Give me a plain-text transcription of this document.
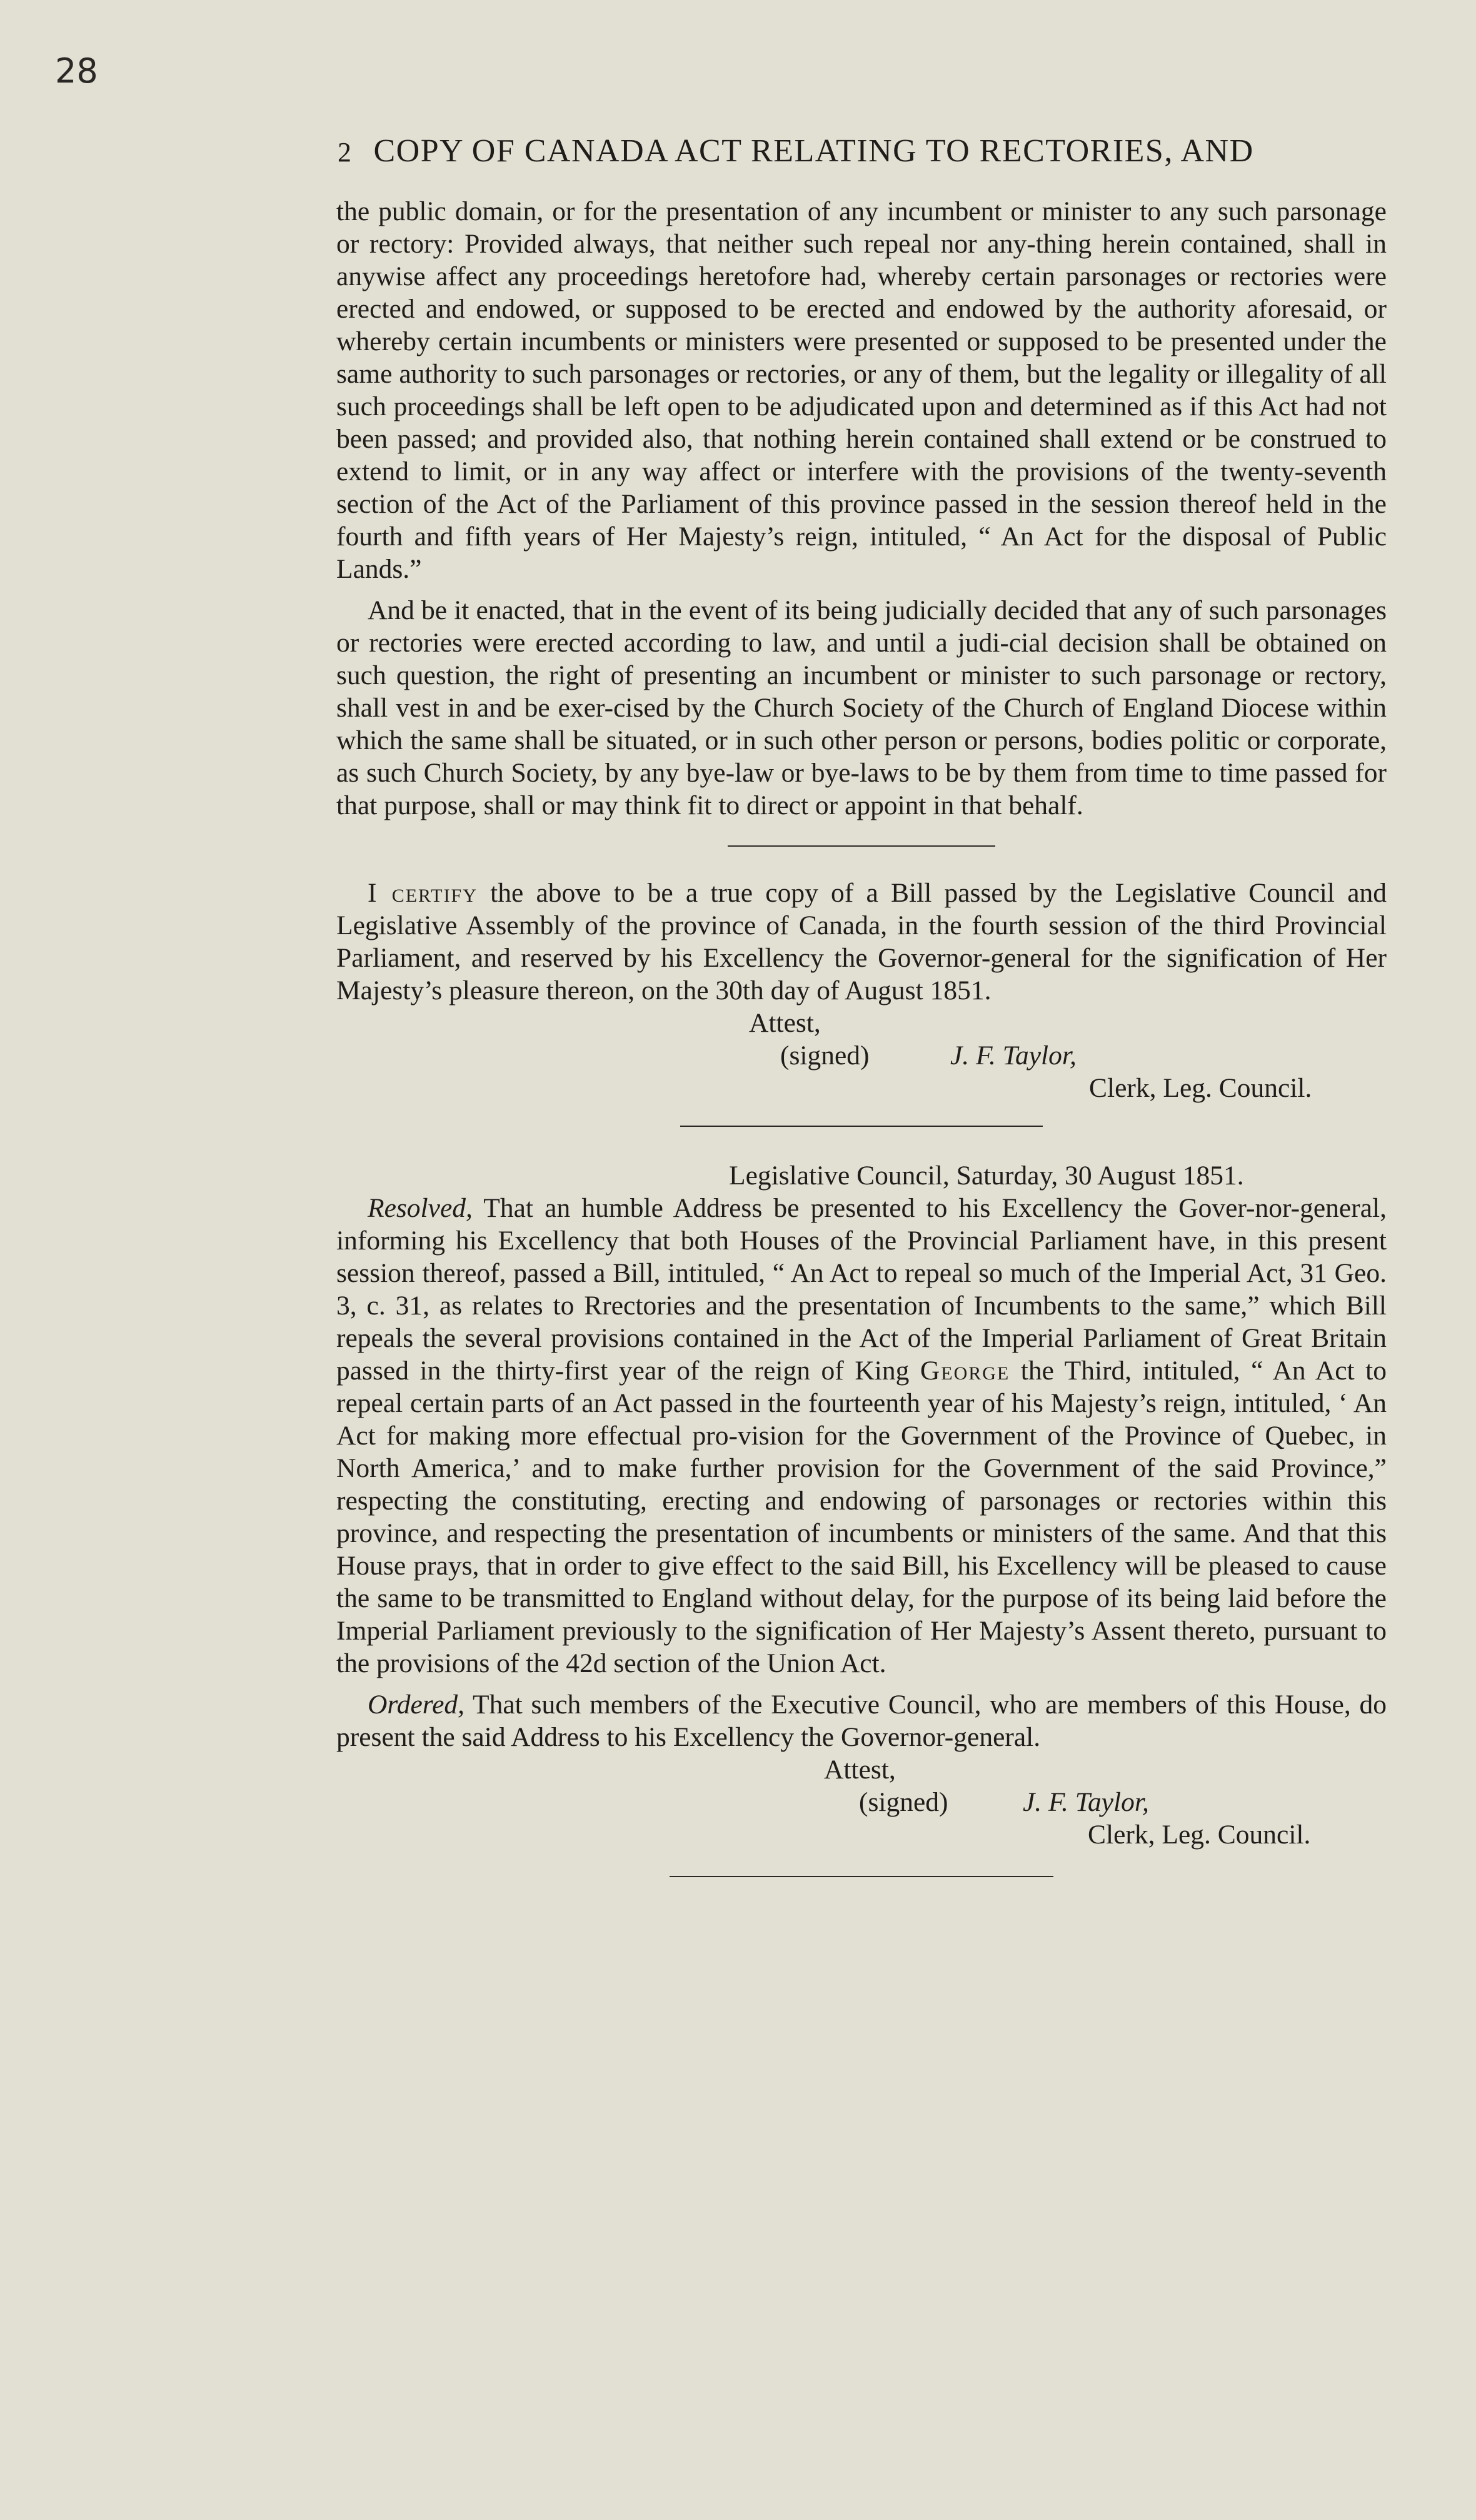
28
2 COPY OF CANADA ACT RELATING TO RECTORIES, AND

the public domain, or for the presentation of any incumbent or minister to any such parsonage or rectory: Provided always, that neither such repeal nor any-thing herein contained, shall in anywise affect any proceedings heretofore had, whereby certain parsonages or rectories were erected and endowed, or supposed to be erected and endowed by the authority aforesaid, or whereby certain incumbents or ministers were presented or supposed to be presented under the same authority to such parsonages or rectories, or any of them, but the legality or illegality of all such proceedings shall be left open to be adjudicated upon and determined as if this Act had not been passed; and provided also, that nothing herein contained shall extend or be construed to extend to limit, or in any way affect or interfere with the provisions of the twenty-seventh section of the Act of the Parliament of this province passed in the session thereof held in the fourth and fifth years of Her Majesty’s reign, intituled, “ An Act for the disposal of Public Lands.”

And be it enacted, that in the event of its being judicially decided that any of such parsonages or rectories were erected according to law, and until a judi-cial decision shall be obtained on such question, the right of presenting an incumbent or minister to such parsonage or rectory, shall vest in and be exer-cised by the Church Society of the Church of England Diocese within which the same shall be situated, or in such other person or persons, bodies politic or corporate, as such Church Society, by any bye-law or bye-laws to be by them from time to time passed for that purpose, shall or may think fit to direct or appoint in that behalf.

I certify the above to be a true copy of a Bill passed by the Legislative Council and Legislative Assembly of the province of Canada, in the fourth session of the third Provincial Parliament, and reserved by his Excellency the Governor-general for the signification of Her Majesty’s pleasure thereon, on the 30th day of August 1851.

Attest,
(signed)	J. F. Taylor,
Clerk, Leg. Council.

Legislative Council, Saturday, 30 August 1851.

Resolved, That an humble Address be presented to his Excellency the Gover-nor-general, informing his Excellency that both Houses of the Provincial Parliament have, in this present session thereof, passed a Bill, intituled, “ An Act to repeal so much of the Imperial Act, 31 Geo. 3, c. 31, as relates to Rrectories and the presentation of Incumbents to the same,” which Bill repeals the several provisions contained in the Act of the Imperial Parliament of Great Britain passed in the thirty-first year of the reign of King George the Third, intituled, “ An Act to repeal certain parts of an Act passed in the fourteenth year of his Majesty’s reign, intituled, ‘ An Act for making more effectual pro-vision for the Government of the Province of Quebec, in North America,’ and to make further provision for the Government of the said Province,” respecting the constituting, erecting and endowing of parsonages or rectories within this province, and respecting the presentation of incumbents or ministers of the same. And that this House prays, that in order to give effect to the said Bill, his Excellency will be pleased to cause the same to be transmitted to England without delay, for the purpose of its being laid before the Imperial Parliament previously to the signification of Her Majesty’s Assent thereto, pursuant to the provisions of the 42d section of the Union Act.

Ordered, That such members of the Executive Council, who are members of this House, do present the said Address to his Excellency the Governor-general.

Attest,
(signed)	J. F. Taylor,
Clerk, Leg. Council.
